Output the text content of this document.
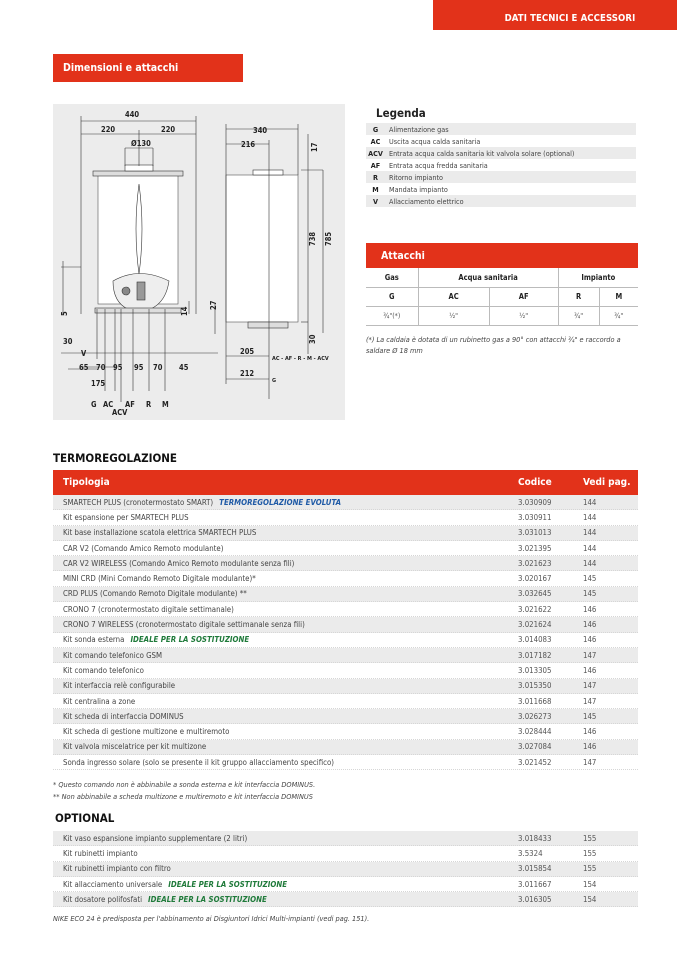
DATI TECNICI E ACCESSORI
Dimensioni e attacchi
440
220	220
Ø130
5	14
30
V
65 70 95 95 70 45
175
G AC
ACV
AF R M
340
216	17
738 785
27
30
205
212
AC - AF - R - M - ACV
G
Legenda
G	Alimentazione gas
AC	Uscita acqua calda sanitaria
ACV Entrata acqua calda sanitaria kit valvola solare (optional)
AF	Entrata acqua fredda sanitaria
R	Ritorno impianto
M	Mandata impianto
V	Allacciamento elettrico
Attacchi
Gas	Acqua sanitaria		Impianto	
G	AC	AF	R	M
¾"(*)	½"	½"	¾"	¾"
(*) La caldaia è dotata di un rubinetto gas a 90° con attacchi ¾" e raccordo a saldare Ø 18 mm
TERMOREGOLAZIONE
Tipologia	Codice	Vedi pag.
SMARTECH PLUS (cronotermostato SMART) TERMOREGOLAZIONE EVOLUTA	3.030909	144
Kit espansione per SMARTECH PLUS	3.030911	144
Kit base installazione scatola elettrica SMARTECH PLUS	3.031013	144
CAR V2 (Comando Amico Remoto modulante)	3.021395	144
CAR V2 WIRELESS (Comando Amico Remoto modulante senza fili)	3.021623	144
MINI CRD (Mini Comando Remoto Digitale modulante)*	3.020167	145
CRD PLUS (Comando Remoto Digitale modulante) **	3.032645	145
CRONO 7 (cronotermostato digitale settimanale)	3.021622	146
CRONO 7 WIRELESS (cronotermostato digitale settimanale senza fili)	3.021624	146
Kit sonda esterna IDEALE PER LA SOSTITUZIONE	3.014083	146
Kit comando telefonico GSM	3.017182	147
Kit comando telefonico	3.013305	146
Kit interfaccia relè configurabile	3.015350	147
Kit centralina a zone	3.011668	147
Kit scheda di interfaccia DOMINUS	3.026273	145
Kit scheda di gestione multizone e multiremoto	3.028444	146
Kit valvola miscelatrice per kit multizone	3.027084	146
Sonda ingresso solare (solo se presente il kit gruppo allacciamento specifico)	3.021452	147
* Questo comando non è abbinabile a sonda esterna e kit interfaccia DOMINUS.
** Non abbinabile a scheda multizone e multiremoto e kit interfaccia DOMINUS
OPTIONAL
Kit vaso espansione impianto supplementare (2 litri)	3.018433	155
Kit rubinetti impianto	3.5324	155
Kit rubinetti impianto con filtro	3.015854	155
Kit allacciamento universale IDEALE PER LA SOSTITUZIONE	3.011667	154
Kit dosatore polifosfati IDEALE PER LA SOSTITUZIONE	3.016305	154
NIKE ECO 24 è predisposta per l'abbinamento ai Disgiuntori Idrici Multi-impianti (vedi pag. 151).
